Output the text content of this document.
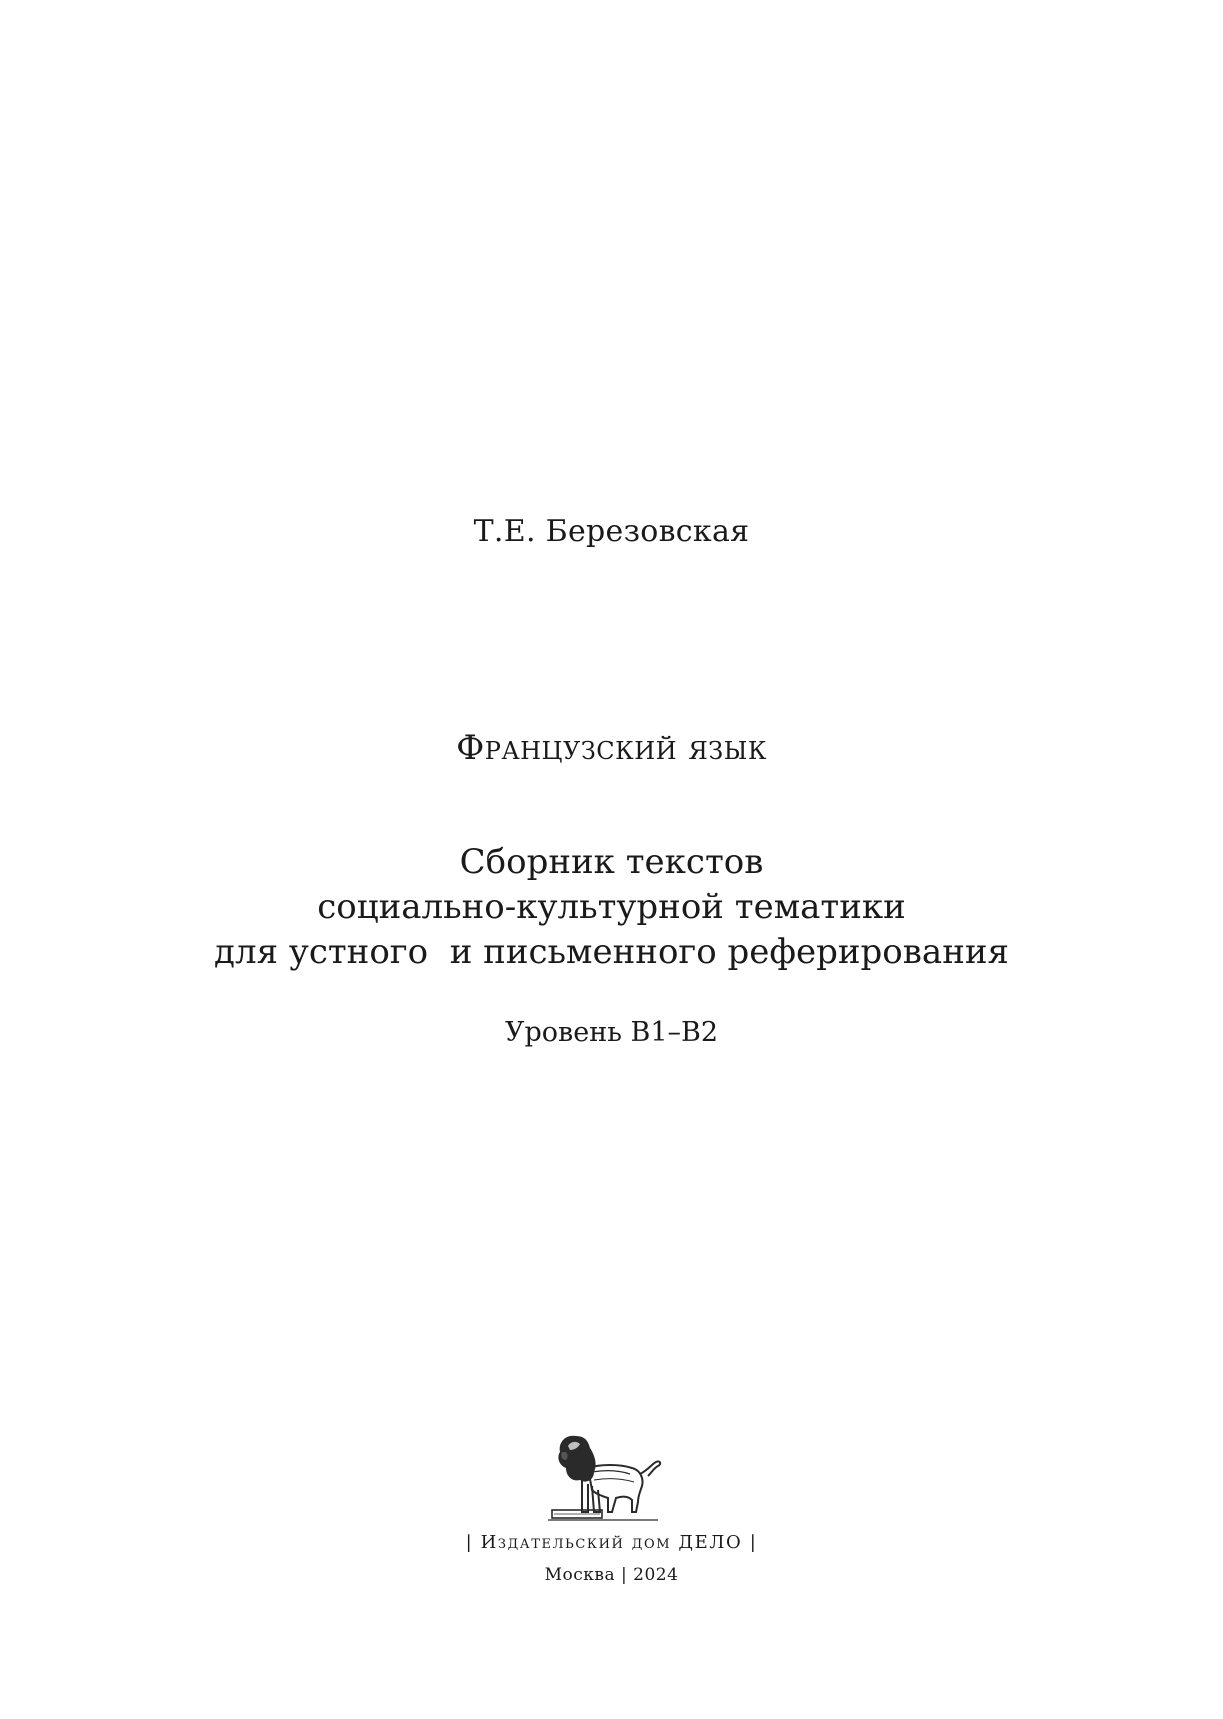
Т.Е. Березовская
Французский язык
Сборник текстов
социально-культурной тематики
для устного  и письменного реферирования
Уровень B1–B2
| Издательский дом ДЕЛО |
Москва | 2024
